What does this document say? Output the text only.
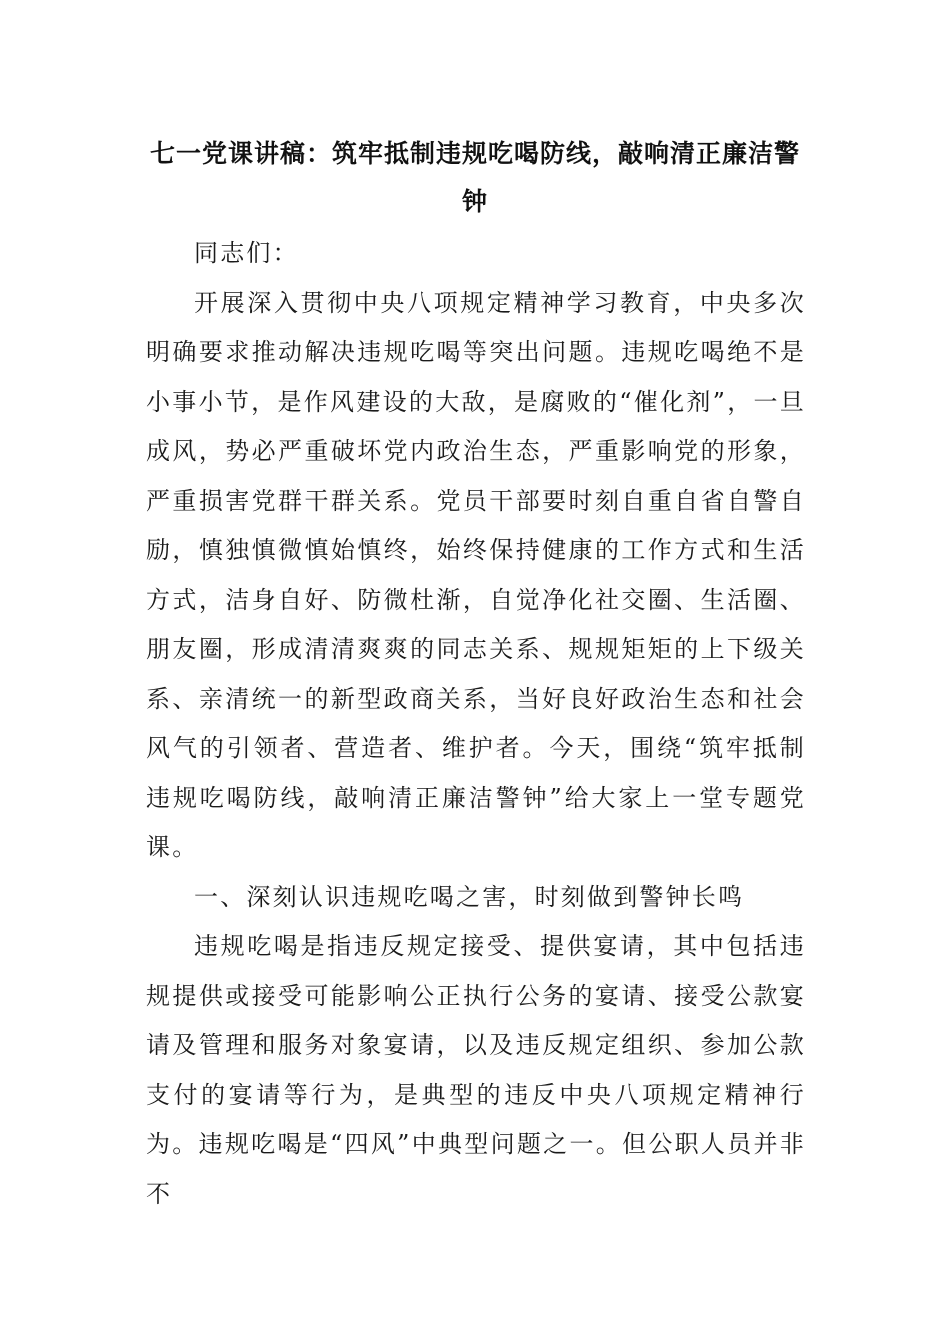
七一党课讲稿：筑牢抵制违规吃喝防线，敲响清正廉洁警钟

同志们：

开展深入贯彻中央八项规定精神学习教育，中央多次明确要求推动解决违规吃喝等突出问题。违规吃喝绝不是小事小节，是作风建设的大敌，是腐败的“催化剂”，一旦成风，势必严重破坏党内政治生态，严重影响党的形象，严重损害党群干群关系。党员干部要时刻自重自省自警自励，慎独慎微慎始慎终，始终保持健康的工作方式和生活方式，洁身自好、防微杜渐，自觉净化社交圈、生活圈、朋友圈，形成清清爽爽的同志关系、规规矩矩的上下级关系、亲清统一的新型政商关系，当好良好政治生态和社会风气的引领者、营造者、维护者。今天，围绕“筑牢抵制违规吃喝防线，敲响清正廉洁警钟”给大家上一堂专题党课。

一、深刻认识违规吃喝之害，时刻做到警钟长鸣

违规吃喝是指违反规定接受、提供宴请，其中包括违规提供或接受可能影响公正执行公务的宴请、接受公款宴请及管理和服务对象宴请，以及违反规定组织、参加公款支付的宴请等行为，是典型的违反中央八项规定精神行为。违规吃喝是“四风”中典型问题之一。但公职人员并非不
